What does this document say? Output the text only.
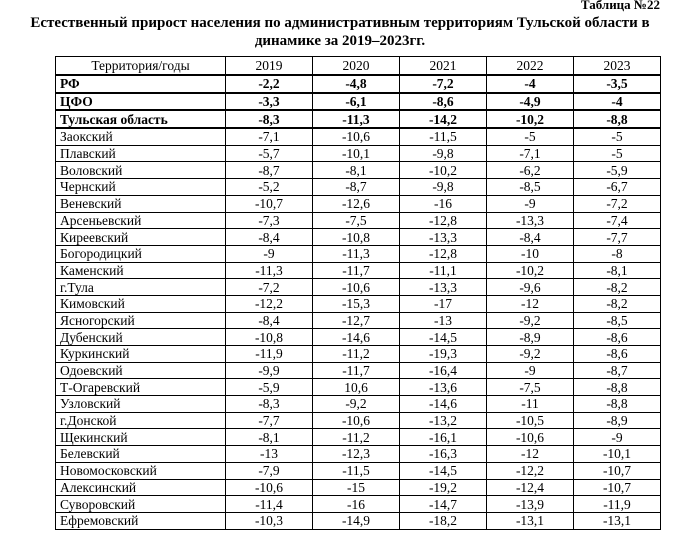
Таблица №22
Естественный прирост населения по административным территориям Тульской области в динамике за 2019–2023гг.
Территория/годы	2019	2020	2021	2022	2023
РФ	-2,2	-4,8	-7,2	-4	-3,5
ЦФО	-3,3	-6,1	-8,6	-4,9	-4
Тульская область	-8,3	-11,3	-14,2	-10,2	-8,8
Заокский	-7,1	-10,6	-11,5	-5	-5
Плавский	-5,7	-10,1	-9,8	-7,1	-5
Воловский	-8,7	-8,1	-10,2	-6,2	-5,9
Чернский	-5,2	-8,7	-9,8	-8,5	-6,7
Веневский	-10,7	-12,6	-16	-9	-7,2
Арсеньевский	-7,3	-7,5	-12,8	-13,3	-7,4
Киреевский	-8,4	-10,8	-13,3	-8,4	-7,7
Богородицкий	-9	-11,3	-12,8	-10	-8
Каменский	-11,3	-11,7	-11,1	-10,2	-8,1
г.Тула	-7,2	-10,6	-13,3	-9,6	-8,2
Кимовский	-12,2	-15,3	-17	-12	-8,2
Ясногорский	-8,4	-12,7	-13	-9,2	-8,5
Дубенский	-10,8	-14,6	-14,5	-8,9	-8,6
Куркинский	-11,9	-11,2	-19,3	-9,2	-8,6
Одоевский	-9,9	-11,7	-16,4	-9	-8,7
Т-Огаревский	-5,9	10,6	-13,6	-7,5	-8,8
Узловский	-8,3	-9,2	-14,6	-11	-8,8
г.Донской	-7,7	-10,6	-13,2	-10,5	-8,9
Щекинский	-8,1	-11,2	-16,1	-10,6	-9
Белевский	-13	-12,3	-16,3	-12	-10,1
Новомосковский	-7,9	-11,5	-14,5	-12,2	-10,7
Алексинский	-10,6	-15	-19,2	-12,4	-10,7
Суворовский	-11,4	-16	-14,7	-13,9	-11,9
Ефремовский	-10,3	-14,9	-18,2	-13,1	-13,1
